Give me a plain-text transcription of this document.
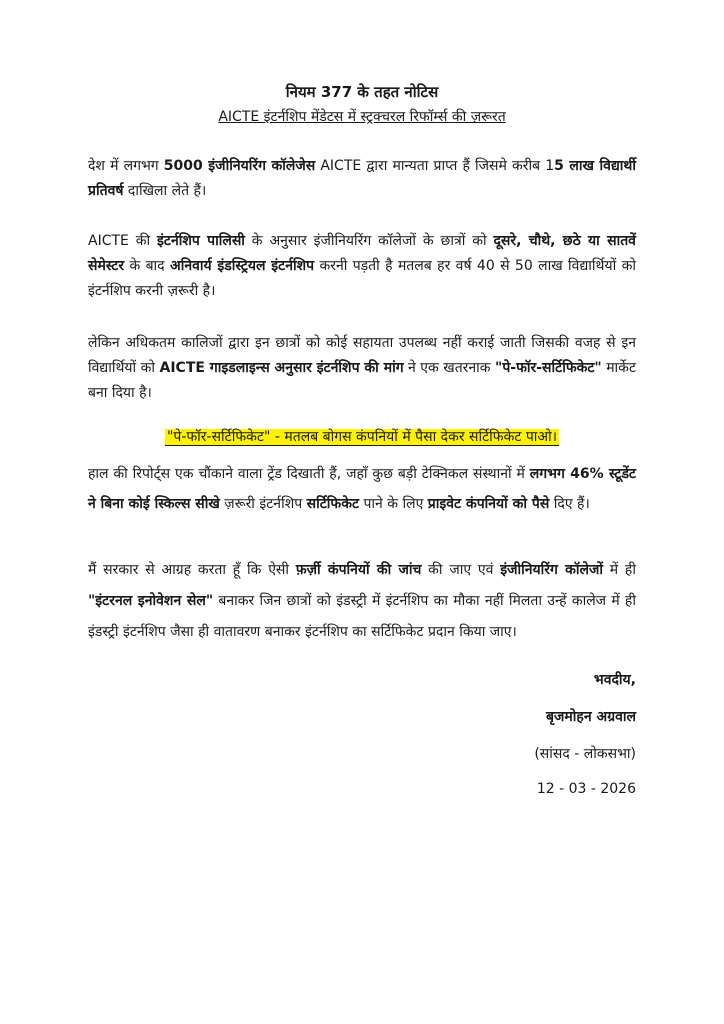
नियम 377 के तहत नोटिस

AICTE इंटर्नशिप मेंडेटस में स्ट्रक्चरल रिफॉर्म्स की ज़रूरत

देश में लगभग 5000 इंजीनियरिंग कॉलेजेस AICTE द्वारा मान्यता प्राप्त हैं जिसमे करीब 15 लाख विद्यार्थी प्रतिवर्ष दाखिला लेते हैं।

AICTE की इंटर्नशिप पालिसी के अनुसार इंजीनियरिंग कॉलेजों के छात्रों को दूसरे, चौथे, छठे या सातवें सेमेस्टर के बाद अनिवार्य इंडस्ट्रियल इंटर्नशिप करनी पड़ती है मतलब हर वर्ष 40 से 50 लाख विद्यार्थियों को इंटर्नशिप करनी ज़रूरी है।

लेकिन अधिकतम कालिजों द्वारा इन छात्रों को कोई सहायता उपलब्ध नहीं कराई जाती जिसकी वजह से इन विद्यार्थियों को AICTE गाइडलाइन्स अनुसार इंटर्नशिप की मांग ने एक खतरनाक "पे-फॉर-सर्टिफिकेट" मार्केट बना दिया है।

"पे-फॉर-सर्टिफिकेट" - मतलब बोगस कंपनियों में पैसा देकर सर्टिफिकेट पाओ।

हाल की रिपोर्ट्स एक चौंकाने वाला ट्रेंड दिखाती हैं, जहाँ कुछ बड़ी टेक्निकल संस्थानों में लगभग 46% स्टूडेंट ने बिना कोई स्किल्स सीखे ज़रूरी इंटर्नशिप सर्टिफिकेट पाने के लिए प्राइवेट कंपनियों को पैसे दिए हैं।

मैं सरकार से आग्रह करता हूँ कि ऐसी फ़र्ज़ी कंपनियों की जांच की जाए एवं इंजीनियरिंग कॉलेजों में ही "इंटरनल इनोवेशन सेल" बनाकर जिन छात्रों को इंडस्ट्री में इंटर्नशिप का मौका नहीं मिलता उन्हें कालेज में ही इंडस्ट्री इंटर्नशिप जैसा ही वातावरण बनाकर इंटर्नशिप का सर्टिफिकेट प्रदान किया जाए।

भवदीय,
बृजमोहन अग्रवाल
(सांसद - लोकसभा)
12 - 03 - 2026
